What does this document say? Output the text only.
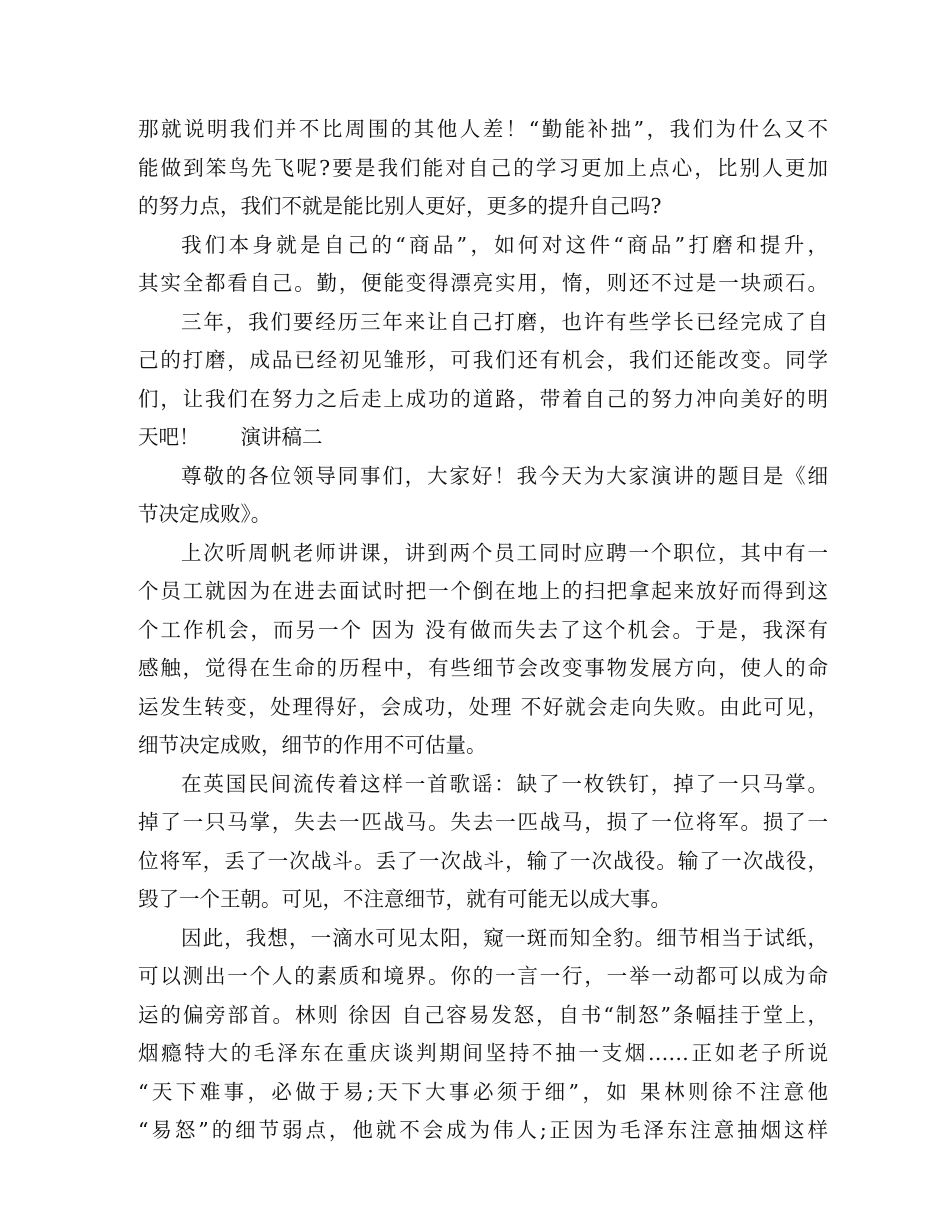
那就说明我们并不比周围的其他人差！“勤能补拙”，我们为什么又不
能做到笨鸟先飞呢?要是我们能对自己的学习更加上点心，比别人更加
的努力点，我们不就是能比别人更好，更多的提升自己吗?
我们本身就是自己的“商品”，如何对这件“商品”打磨和提升，
其实全都看自己。勤，便能变得漂亮实用，惰，则还不过是一块顽石。
三年，我们要经历三年来让自己打磨，也许有些学长已经完成了自
己的打磨，成品已经初见雏形，可我们还有机会，我们还能改变。同学
们，让我们在努力之后走上成功的道路，带着自己的努力冲向美好的明
天吧！　　演讲稿二
尊敬的各位领导同事们，大家好！我今天为大家演讲的题目是《细
节决定成败》。
上次听周帆老师讲课，讲到两个员工同时应聘一个职位，其中有一
个员工就因为在进去面试时把一个倒在地上的扫把拿起来放好而得到这
个工作机会，而另一个 因为 没有做而失去了这个机会。于是，我深有
感触，觉得在生命的历程中，有些细节会改变事物发展方向，使人的命
运发生转变，处理得好，会成功，处理 不好就会走向失败。由此可见，
细节决定成败，细节的作用不可估量。
在英国民间流传着这样一首歌谣：缺了一枚铁钉，掉了一只马掌。
掉了一只马掌，失去一匹战马。失去一匹战马，损了一位将军。损了一
位将军，丢了一次战斗。丢了一次战斗，输了一次战役。输了一次战役，
毁了一个王朝。可见，不注意细节，就有可能无以成大事。
因此，我想，一滴水可见太阳，窥一斑而知全豹。细节相当于试纸，
可以测出一个人的素质和境界。你的一言一行，一举一动都可以成为命
运的偏旁部首。林则 徐因 自己容易发怒，自书“制怒”条幅挂于堂上，
烟瘾特大的毛泽东在重庆谈判期间坚持不抽一支烟……正如老子所说
“天下难事，必做于易;天下大事必须于细”，如 果林则徐不注意他
“易怒”的细节弱点，他就不会成为伟人;正因为毛泽东注意抽烟这样
